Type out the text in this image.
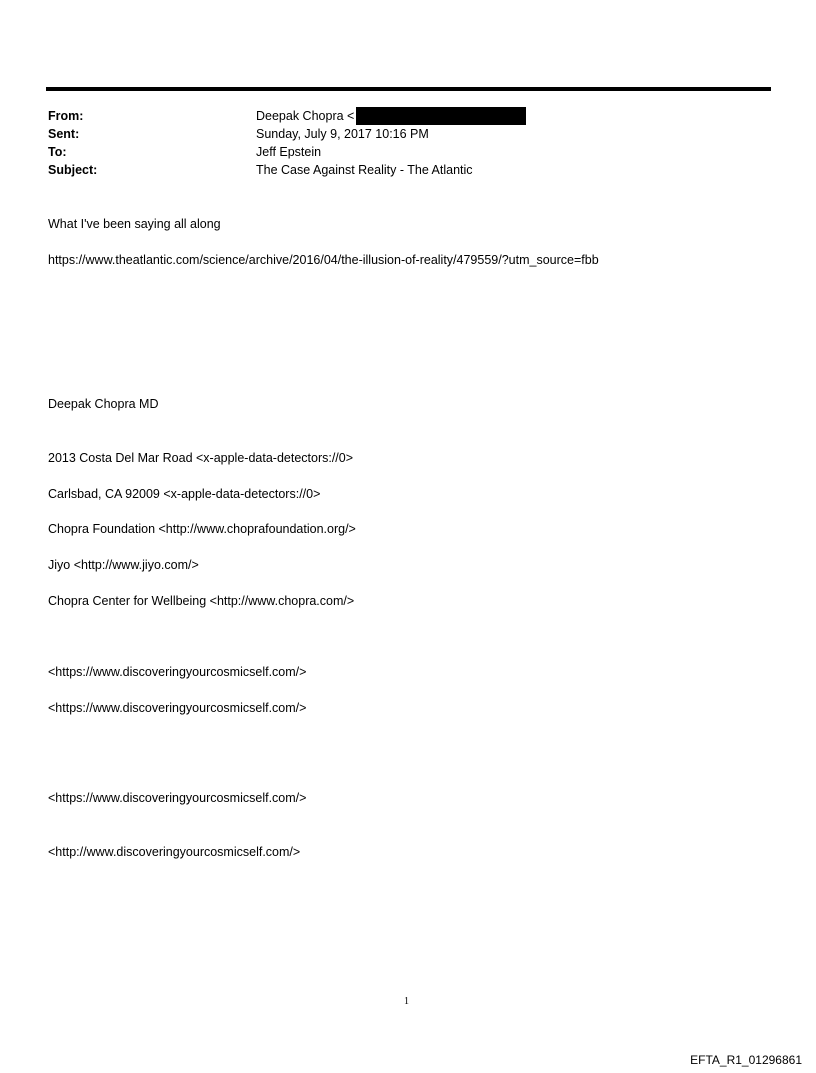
From:	Deepak Chopra <
Sent:	Sunday, July 9, 2017 10:16 PM
To:	Jeff Epstein
Subject:	The Case Against Reality - The Atlantic
What I've been saying all along
https://www.theatlantic.com/science/archive/2016/04/the-illusion-of-reality/479559/?utm_source=fbb
Deepak Chopra MD
2013 Costa Del Mar Road <x-apple-data-detectors://0>
Carlsbad, CA 92009 <x-apple-data-detectors://0>
Chopra Foundation <http://www.choprafoundation.org/>
Jiyo <http://www.jiyo.com/>
Chopra Center for Wellbeing <http://www.chopra.com/>
<https://www.discoveringyourcosmicself.com/>
<https://www.discoveringyourcosmicself.com/>
<https://www.discoveringyourcosmicself.com/>
<http://www.discoveringyourcosmicself.com/>
1
EFTA_R1_01296861
